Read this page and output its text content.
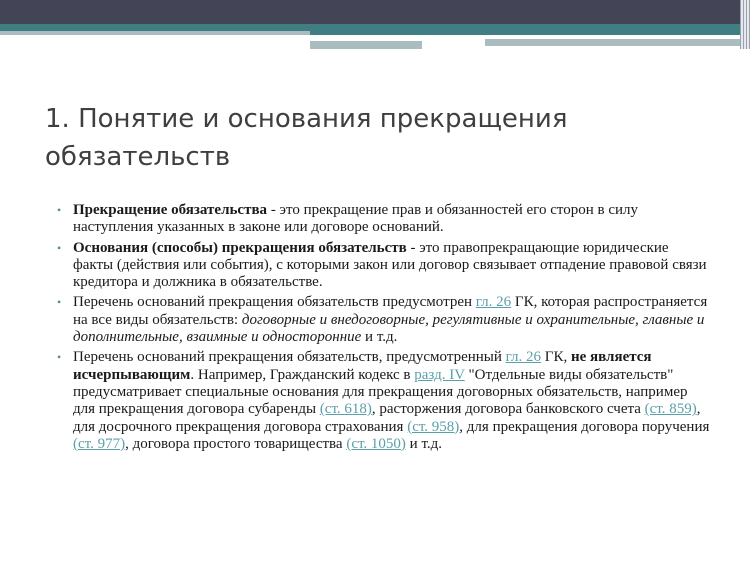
1. Понятие и основания прекращения обязательств
• Прекращение обязательства - это прекращение прав и обязанностей его сторон в силу наступления указанных в законе или договоре оснований.
• Основания (способы) прекращения обязательств - это правопрекращающие юридические факты (действия или события), с которыми закон или договор связывает отпадение правовой связи кредитора и должника в обязательстве.
• Перечень оснований прекращения обязательств предусмотрен гл. 26 ГК, которая распространяется на все виды обязательств: договорные и внедоговорные, регулятивные и охранительные, главные и дополнительные, взаимные и односторонние и т.д.
• Перечень оснований прекращения обязательств, предусмотренный гл. 26 ГК, не является исчерпывающим. Например, Гражданский кодекс в разд. IV "Отдельные виды обязательств" предусматривает специальные основания для прекращения договорных обязательств, например для прекращения договора субаренды (ст. 618), расторжения договора банковского счета (ст. 859), для досрочного прекращения договора страхования (ст. 958), для прекращения договора поручения (ст. 977), договора простого товарищества (ст. 1050) и т.д.
